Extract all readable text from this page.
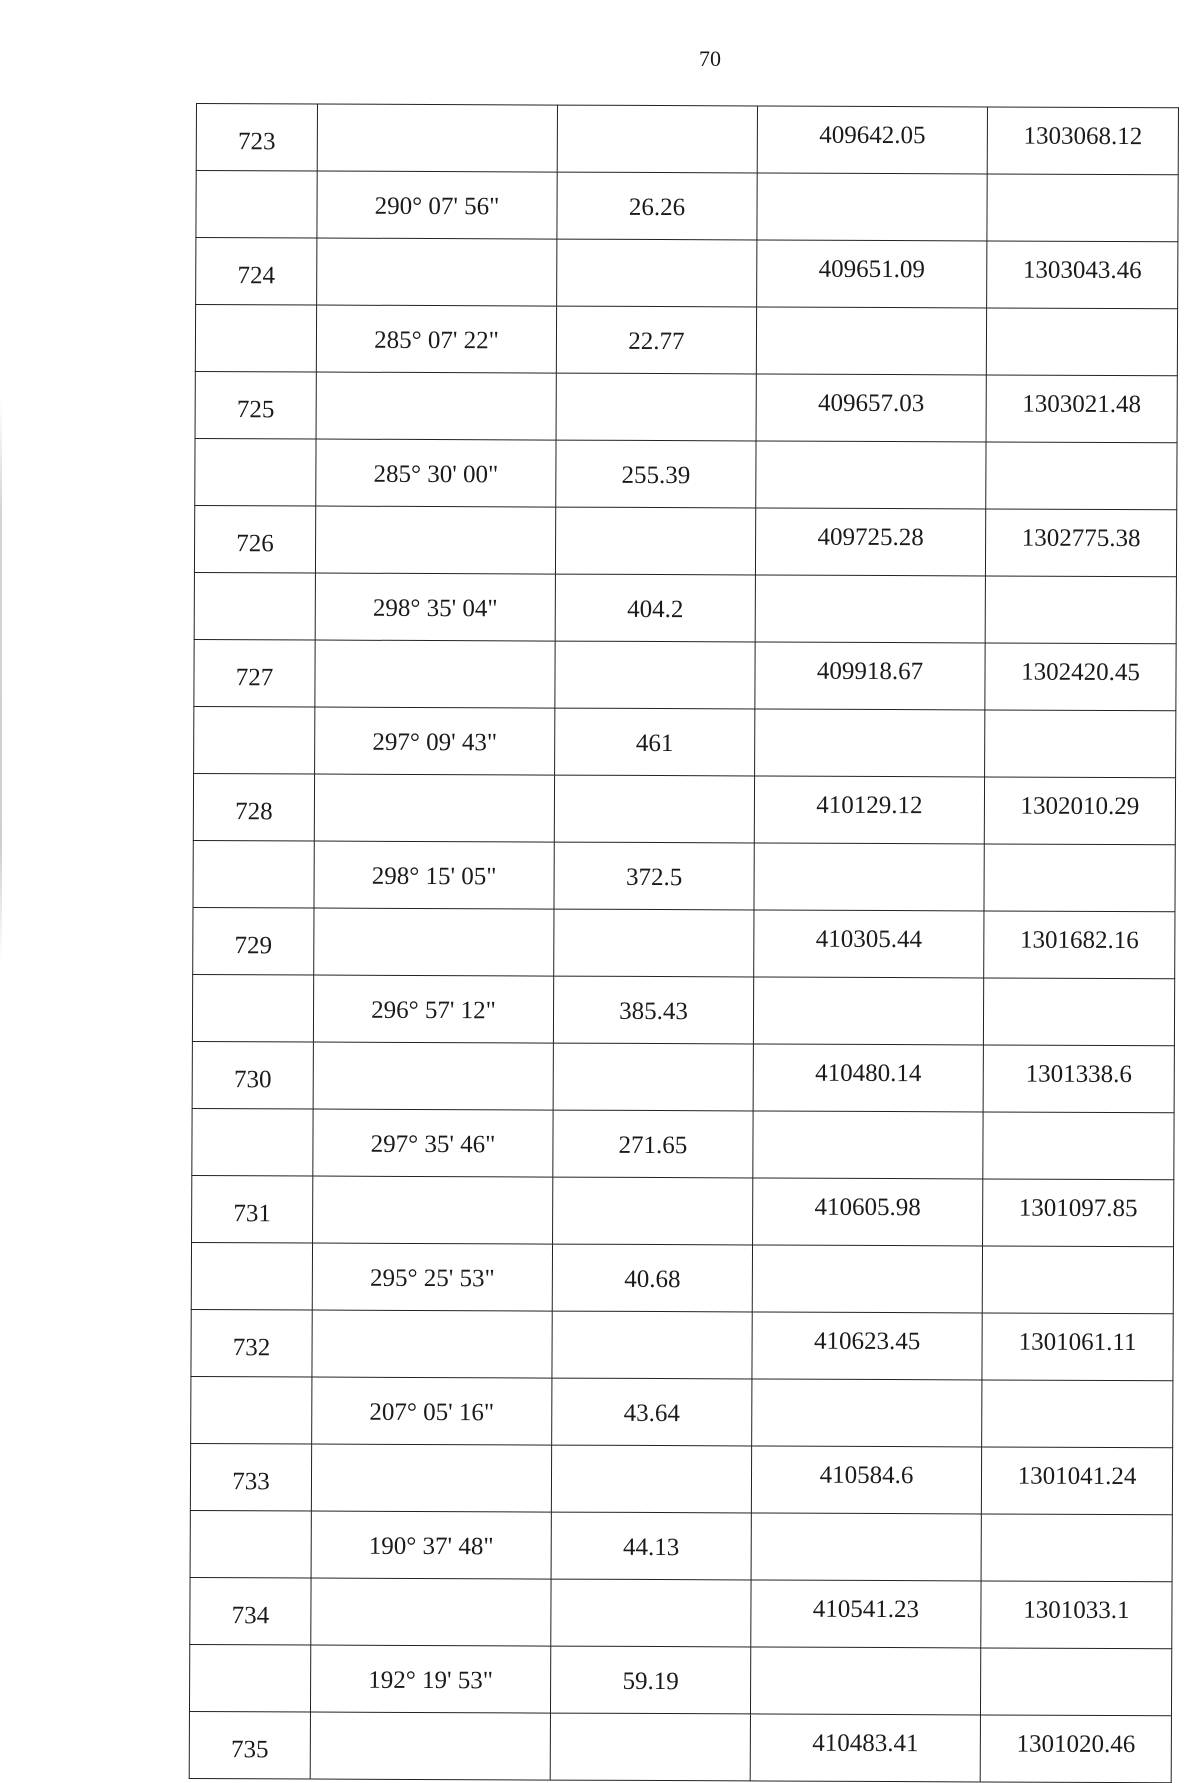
70
723			409642.05	1303068.12
	290° 07' 56"	26.26		
724			409651.09	1303043.46
	285° 07' 22"	22.77		
725			409657.03	1303021.48
	285° 30' 00"	255.39		
726			409725.28	1302775.38
	298° 35' 04"	404.2		
727			409918.67	1302420.45
	297° 09' 43"	461		
728			410129.12	1302010.29
	298° 15' 05"	372.5		
729			410305.44	1301682.16
	296° 57' 12"	385.43		
730			410480.14	1301338.6
	297° 35' 46"	271.65		
731			410605.98	1301097.85
	295° 25' 53"	40.68		
732			410623.45	1301061.11
	207° 05' 16"	43.64		
733			410584.6	1301041.24
	190° 37' 48"	44.13		
734			410541.23	1301033.1
	192° 19' 53"	59.19		
735			410483.41	1301020.46
